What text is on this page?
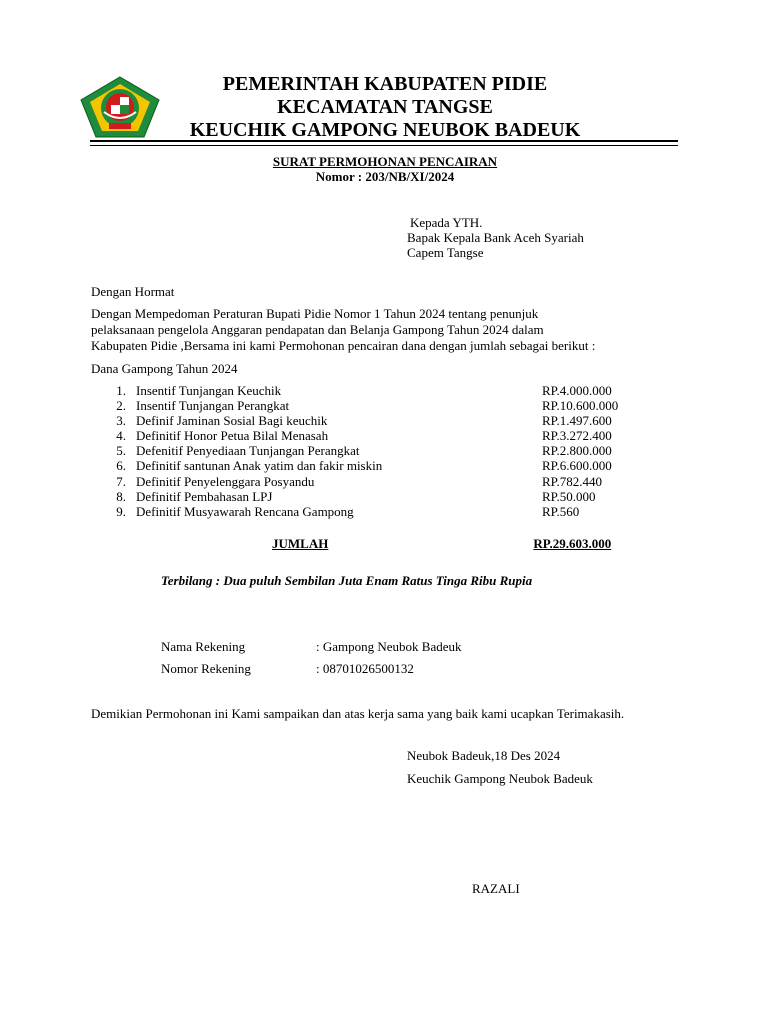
PEMERINTAH KABUPATEN PIDIE
KECAMATAN TANGSE
KEUCHIK GAMPONG NEUBOK BADEUK
SURAT PERMOHONAN PENCAIRAN
Nomor : 203/NB/XI/2024
Kepada YTH.
Bapak Kepala Bank Aceh Syariah
Capem Tangse
Dengan Hormat
Dengan Mempedoman Peraturan Bupati Pidie Nomor 1 Tahun 2024 tentang penunjuk
pelaksanaan pengelola Anggaran pendapatan dan Belanja Gampong Tahun 2024 dalam
Kabupaten Pidie ,Bersama ini kami Permohonan pencairan dana dengan jumlah sebagai berikut :
Dana Gampong Tahun 2024
1. Insentif Tunjangan Keuchik	RP.4.000.000
2. Insentif Tunjangan Perangkat	RP.10.600.000
3. Definif Jaminan Sosial Bagi keuchik	RP.1.497.600
4. Definitif Honor Petua Bilal Menasah	RP.3.272.400
5. Defenitif Penyediaan Tunjangan Perangkat	RP.2.800.000
6. Definitif santunan Anak yatim dan fakir miskin	RP.6.600.000
7. Definitif Penyelenggara Posyandu	RP.782.440
8. Definitif Pembahasan LPJ	RP.50.000
9. Definitif Musyawarah Rencana Gampong	RP.560
JUMLAH	RP.29.603.000
Terbilang : Dua puluh Sembilan Juta Enam Ratus Tinga Ribu Rupia
Nama Rekening	: Gampong Neubok Badeuk
Nomor Rekening	: 08701026500132
Demikian Permohonan ini Kami sampaikan dan atas kerja sama yang baik kami ucapkan Terimakasih.
Neubok Badeuk,18 Des 2024
Keuchik Gampong Neubok Badeuk
RAZALI
